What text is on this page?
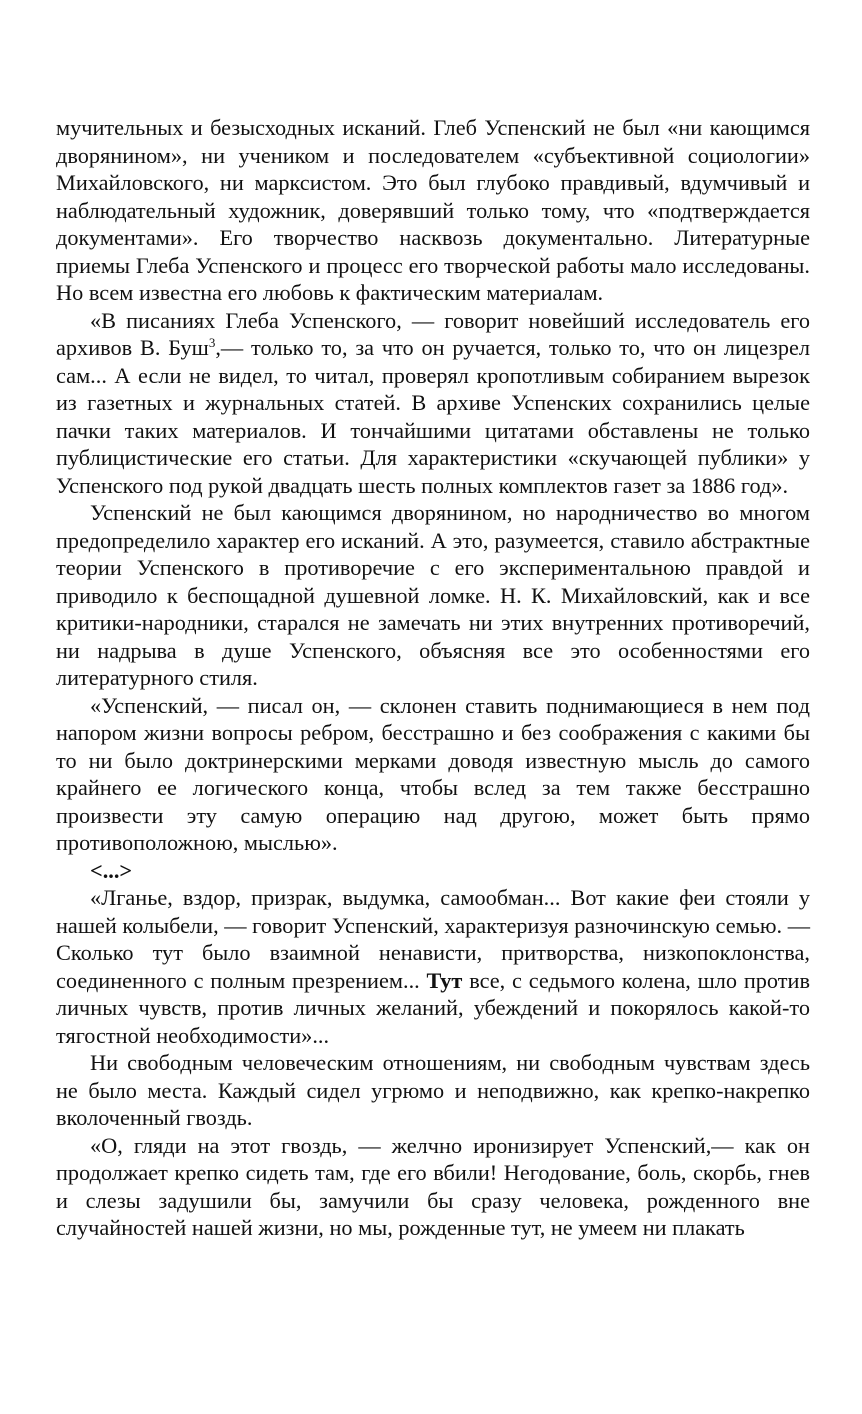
мучительных и безысходных исканий. Глеб Успенский не был «ни кающимся дворянином», ни учеником и последователем «субъективной социологии» Михайловского, ни марксистом. Это был глубоко правдивый, вдумчивый и наблюдательный художник, доверявший только тому, что «подтверждается документами». Его творчество насквозь документально. Литературные приемы Глеба Успенского и процесс его творческой работы мало исследованы. Но всем известна его любовь к фактическим материалам.

«В писаниях Глеба Успенского, — говорит новейший исследователь его архивов В. Буш$^3$,— только то, за что он ручается, только то, что он лицезрел сам... А если не видел, то читал, проверял кропотливым собиранием вырезок из газетных и журнальных статей. В архиве Успенских сохранились целые пачки таких материалов. И тончайшими цитатами обставлены не только публицистические его статьи. Для характеристики «скучающей публики» у Успенского под рукой двадцать шесть полных комплектов газет за 1886 год».

Успенский не был кающимся дворянином, но народничество во многом предопределило характер его исканий. А это, разумеется, ставило абстрактные теории Успенского в противоречие с его экспериментальною правдой и приводило к беспощадной душевной ломке. Н. К. Михайловский, как и все критики-народники, старался не замечать ни этих внутренних противоречий, ни надрыва в душе Успенского, объясняя все это особенностями его литературного стиля.

«Успенский, — писал он, — склонен ставить поднимающиеся в нем под напором жизни вопросы ребром, бесстрашно и без соображения с какими бы то ни было доктринерскими мерками доводя известную мысль до самого крайнего ее логического конца, чтобы вслед за тем также бесстрашно произвести эту самую операцию над другою, может быть прямо противоположною, мыслью».

<...>

«Лганье, вздор, призрак, выдумка, самообман... Вот какие феи стояли у нашей колыбели, — говорит Успенский, характеризуя разночинскую семью. — Сколько тут было взаимной ненависти, притворства, низкопоклонства, соединенного с полным презрением... Тут все, с седьмого колена, шло против личных чувств, против личных желаний, убеждений и покорялось какой-то тягостной необходимости»...

Ни свободным человеческим отношениям, ни свободным чувствам здесь не было места. Каждый сидел угрюмо и неподвижно, как крепко-накрепко вколоченный гвоздь.

«О, гляди на этот гвоздь, — желчно иронизирует Успенский,— как он продолжает крепко сидеть там, где его вбили! Негодование, боль, скорбь, гнев и слезы задушили бы, замучили бы сразу человека, рожденного вне случайностей нашей жизни, но мы, рожденные тут, не умеем ни плакать
